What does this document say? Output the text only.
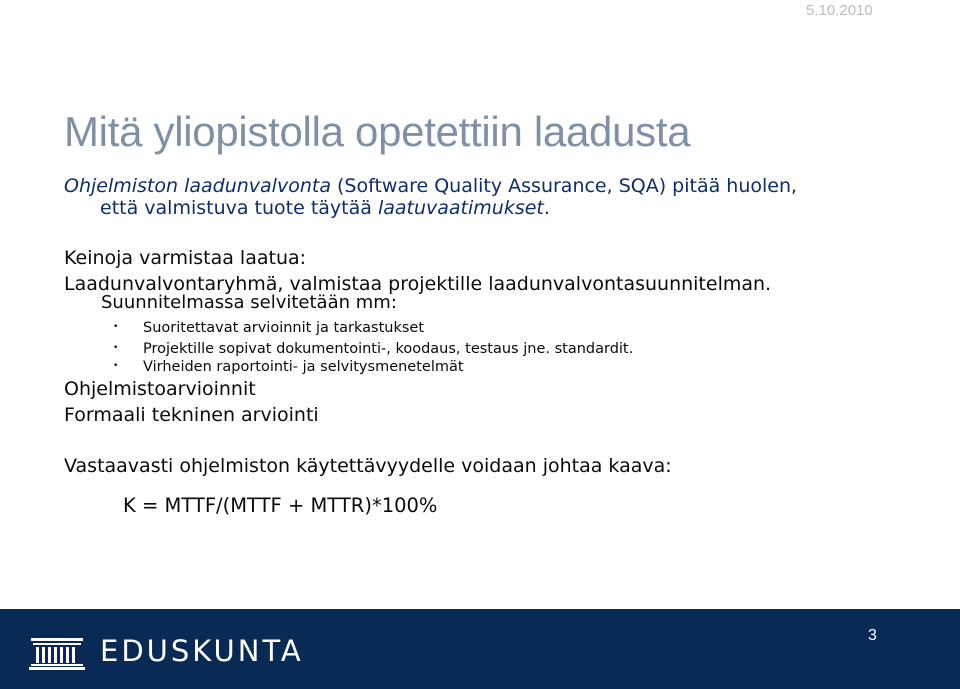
5.10.2010
Mitä yliopistolla opetettiin laadusta
Ohjelmiston laadunvalvonta (Software Quality Assurance, SQA) pitää huolen,
että valmistuva tuote täytää laatuvaatimukset.
Keinoja varmistaa laatua:
Laadunvalvontaryhmä, valmistaa projektille laadunvalvontasuunnitelman.
Suunnitelmassa selvitetään mm:
• Suoritettavat arvioinnit ja tarkastukset
• Projektille sopivat dokumentointi-, koodaus, testaus jne. standardit.
• Virheiden raportointi- ja selvitysmenetelmät
Ohjelmistoarvioinnit
Formaali tekninen arviointi
Vastaavasti ohjelmiston käytettävyydelle voidaan johtaa kaava:
K = MTTF/(MTTF + MTTR)*100%
EDUSKUNTA	3
